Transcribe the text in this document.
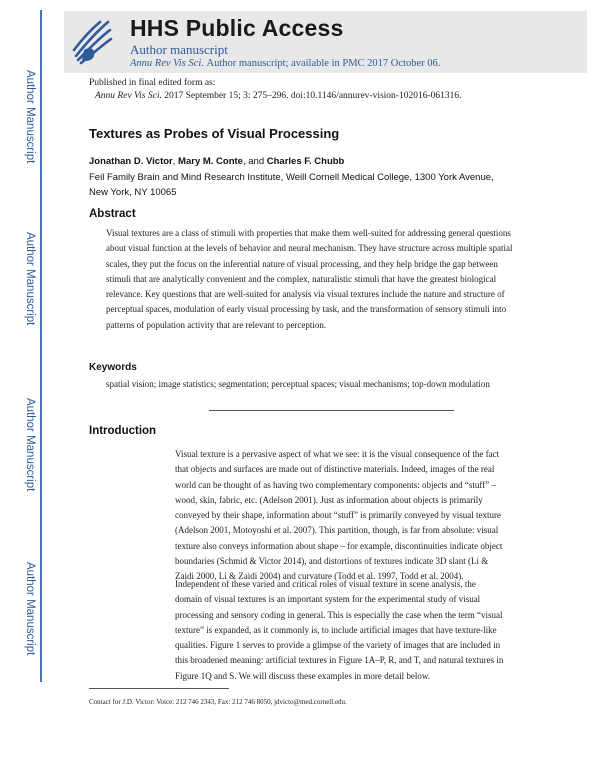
Author Manuscript
Author Manuscript
Author Manuscript
Author Manuscript
HHS Public Access
Author manuscript
Annu Rev Vis Sci. Author manuscript; available in PMC 2017 October 06.
Published in final edited form as:
Annu Rev Vis Sci. 2017 September 15; 3: 275–296. doi:10.1146/annurev-vision-102016-061316.
Textures as Probes of Visual Processing
Jonathan D. Victor, Mary M. Conte, and Charles F. Chubb
Feil Family Brain and Mind Research Institute, Weill Cornell Medical College, 1300 York Avenue, New York, NY 10065
Abstract
Visual textures are a class of stimuli with properties that make them well-suited for addressing general questions about visual function at the levels of behavior and neural mechanism. They have structure across multiple spatial scales, they put the focus on the inferential nature of visual processing, and they help bridge the gap between stimuli that are analytically convenient and the complex, naturalistic stimuli that have the greatest biological relevance. Key questions that are well-suited for analysis via visual textures include the nature and structure of perceptual spaces, modulation of early visual processing by task, and the transformation of sensory stimuli into patterns of population activity that are relevant to perception.
Keywords
spatial vision; image statistics; segmentation; perceptual spaces; visual mechanisms; top-down modulation
Introduction
Visual texture is a pervasive aspect of what we see: it is the visual consequence of the fact that objects and surfaces are made out of distinctive materials. Indeed, images of the real world can be thought of as having two complementary components: objects and “stuff” – wood, skin, fabric, etc. (Adelson 2001). Just as information about objects is primarily conveyed by their shape, information about “stuff” is primarily conveyed by visual texture (Adelson 2001, Motoyoshi et al. 2007). This partition, though, is far from absolute: visual texture also conveys information about shape – for example, discontinuities indicate object boundaries (Schmid & Victor 2014), and distortions of textures indicate 3D slant (Li & Zaidi 2000, Li & Zaidi 2004) and curvature (Todd et al. 1997, Todd et al. 2004).
Independent of these varied and critical roles of visual texture in scene analysis, the domain of visual textures is an important system for the experimental study of visual processing and sensory coding in general. This is especially the case when the term “visual texture” is expanded, as it commonly is, to include artificial images that have texture-like qualities. Figure 1 serves to provide a glimpse of the variety of images that are included in this broadened meaning: artificial textures in Figure 1A–P, R, and T, and natural textures in Figure 1Q and S. We will discuss these examples in more detail below.
Contact for J.D. Victor: Voice: 212 746 2343, Fax: 212 746 8050, jdvicto@med.cornell.edu.
